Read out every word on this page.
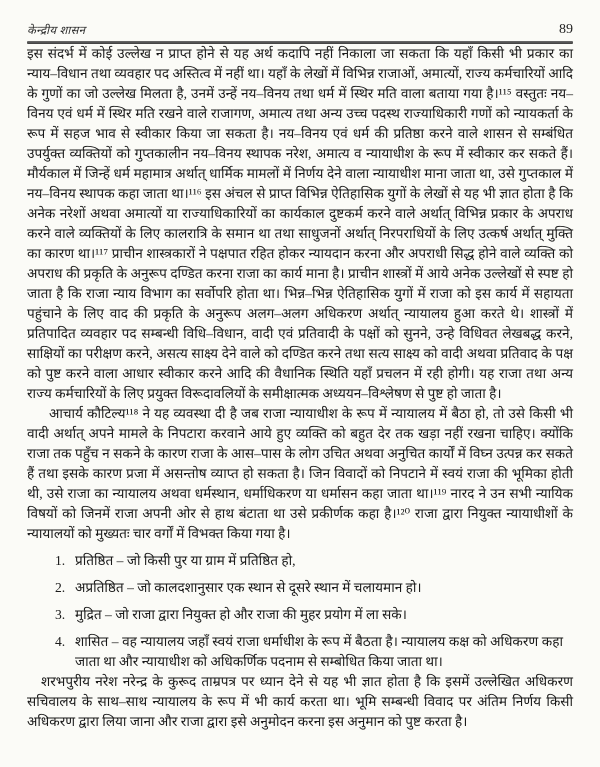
केन्द्रीय शासन	89

इस संदर्भ में कोई उल्लेख न प्राप्त होने से यह अर्थ कदापि नहीं निकाला जा सकता कि यहाँ किसी भी प्रकार का न्याय–विधान तथा व्यवहार पद अस्तित्व में नहीं था। यहाँ के लेखों में विभिन्न राजाओं, अमात्यों, राज्य कर्मचारियों आदि के गुणों का जो उल्लेख मिलता है, उनमें उन्हें नय–विनय तथा धर्म में स्थिर मति वाला बताया गया है।¹¹⁵ वस्तुतः नय–विनय एवं धर्म में स्थिर मति रखने वाले राजागण, अमात्य तथा अन्य उच्च पदस्थ राज्याधिकारी गणों को न्यायकर्ता के रूप में सहज भाव से स्वीकार किया जा सकता है। नय–विनय एवं धर्म की प्रतिष्ठा करने वाले शासन से सम्बंधित उपर्युक्त व्यक्तियों को गुप्तकालीन नय–विनय स्थापक नरेश, अमात्य व न्यायाधीश के रूप में स्वीकार कर सकते हैं। मौर्यकाल में जिन्हें धर्म महामात्र अर्थात् धार्मिक मामलों में निर्णय देने वाला न्यायाधीश माना जाता था, उसे गुप्तकाल में नय–विनय स्थापक कहा जाता था।¹¹⁶ इस अंचल से प्राप्त विभिन्न ऐतिहासिक युगों के लेखों से यह भी ज्ञात होता है कि अनेक नरेशों अथवा अमात्यों या राज्याधिकारियों का कार्यकाल दुष्टकर्म करने वाले अर्थात् विभिन्न प्रकार के अपराध करने वाले व्यक्तियों के लिए कालरात्रि के समान था तथा साधुजनों अर्थात् निरपराधियों के लिए उत्कर्ष अर्थात् मुक्ति का कारण था।¹¹⁷ प्राचीन शास्त्रकारों ने पक्षपात रहित होकर न्यायदान करना और अपराधी सिद्ध होने वाले व्यक्ति को अपराध की प्रकृति के अनुरूप दण्डित करना राजा का कार्य माना है। प्राचीन शास्त्रों में आये अनेक उल्लेखों से स्पष्ट हो जाता है कि राजा न्याय विभाग का सर्वोपरि होता था। भिन्न–भिन्न ऐतिहासिक युगों में राजा को इस कार्य में सहायता पहुंचाने के लिए वाद की प्रकृति के अनुरूप अलग–अलग अधिकरण अर्थात् न्यायालय हुआ करते थे। शास्त्रों में प्रतिपादित व्यवहार पद सम्बन्धी विधि–विधान, वादी एवं प्रतिवादी के पक्षों को सुनने, उन्हे विधिवत लेखबद्ध करने, साक्षियों का परीक्षण करने, असत्य साक्ष्य देने वाले को दण्डित करने तथा सत्य साक्ष्य को वादी अथवा प्रतिवाद के पक्ष को पुष्ट करने वाला आधार स्वीकार करने आदि की वैधानिक स्थिति यहाँ प्रचलन में रही होगी। यह राजा तथा अन्य राज्य कर्मचारियों के लिए प्रयुक्त विरूदावलियों के समीक्षात्मक अध्ययन–विश्लेषण से पुष्ट हो जाता है।

आचार्य कौटिल्य¹¹⁸ ने यह व्यवस्था दी है जब राजा न्यायाधीश के रूप में न्यायालय में बैठा हो, तो उसे किसी भी वादी अर्थात् अपने मामले के निपटारा करवाने आये हुए व्यक्ति को बहुत देर तक खड़ा नहीं रखना चाहिए। क्योंकि राजा तक पहुँच न सकने के कारण राजा के आस–पास के लोग उचित अथवा अनुचित कार्यों में विघ्न उत्पन्न कर सकते हैं तथा इसके कारण प्रजा में असन्तोष व्याप्त हो सकता है। जिन विवादों को निपटाने में स्वयं राजा की भूमिका होती थी, उसे राजा का न्यायालय अथवा धर्मस्थान, धर्माधिकरण या धर्मासन कहा जाता था।¹¹⁹ नारद ने उन सभी न्यायिक विषयों को जिनमें राजा अपनी ओर से हाथ बंटाता था उसे प्रकीर्णक कहा है।¹²⁰ राजा द्वारा नियुक्त न्यायाधीशों के न्यायालयों को मुख्यतः चार वर्गों में विभक्त किया गया है।

1. प्रतिष्ठित – जो किसी पुर या ग्राम में प्रतिष्ठित हो,
2. अप्रतिष्ठित – जो कालदशानुसार एक स्थान से दूसरे स्थान में चलायमान हो।
3. मुद्रित – जो राजा द्वारा नियुक्त हो और राजा की मुहर प्रयोग में ला सके।
4. शासित – वह न्यायालय जहाँ स्वयं राजा धर्माधीश के रूप में बैठता है। न्यायालय कक्ष को अधिकरण कहा जाता था और न्यायाधीश को अधिकर्णिक पदनाम से सम्बोधित किया जाता था।

शरभपुरीय नरेश नरेन्द्र के कुरूद ताम्रपत्र पर ध्यान देने से यह भी ज्ञात होता है कि इसमें उल्लेखित अधिकरण सचिवालय के साथ–साथ न्यायालय के रूप में भी कार्य करता था। भूमि सम्बन्धी विवाद पर अंतिम निर्णय किसी अधिकरण द्वारा लिया जाना और राजा द्वारा इसे अनुमोदन करना इस अनुमान को पुष्ट करता है।
